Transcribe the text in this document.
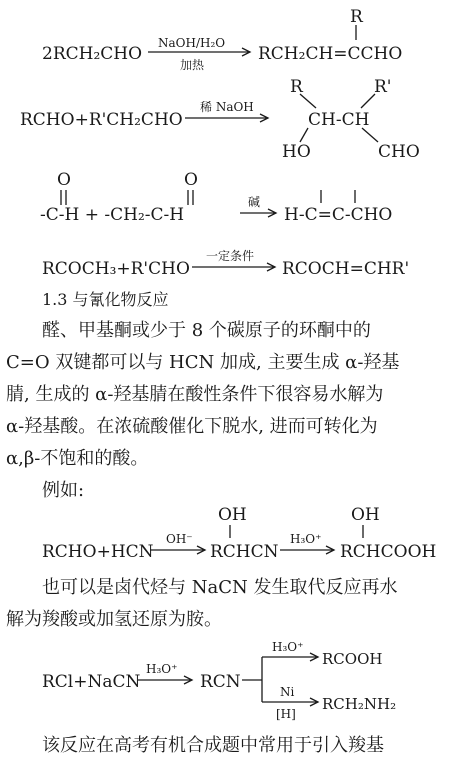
2RCH₂CHO
NaOH/H₂O
加热
R
RCH₂CH=CCHO
RCHO+R'CH₂CHO
稀 NaOH
R	R'
CH-CH
HO	CHO
O	O
-C-H + -CH₂-C-H
碱
H-C=C-CHO
RCOCH₃+R'CHO
一定条件
RCOCH=CHR'
1.3 与氰化物反应
醛、甲基酮或少于 8 个碳原子的环酮中的
C=O 双键都可以与 HCN 加成, 主要生成 α-羟基
腈, 生成的 α-羟基腈在酸性条件下很容易水解为
α-羟基酸。在浓硫酸催化下脱水, 进而可转化为
α,β-不饱和的酸。
例如:
RCHO+HCN
OH⁻
OH
RCHCN
H₃O⁺
OH
RCHCOOH
也可以是卤代烃与 NaCN 发生取代反应再水
解为羧酸或加氢还原为胺。
RCl+NaCN
H₃O⁺
RCN
H₃O⁺
RCOOH
Ni
[H]
RCH₂NH₂
该反应在高考有机合成题中常用于引入羧基
